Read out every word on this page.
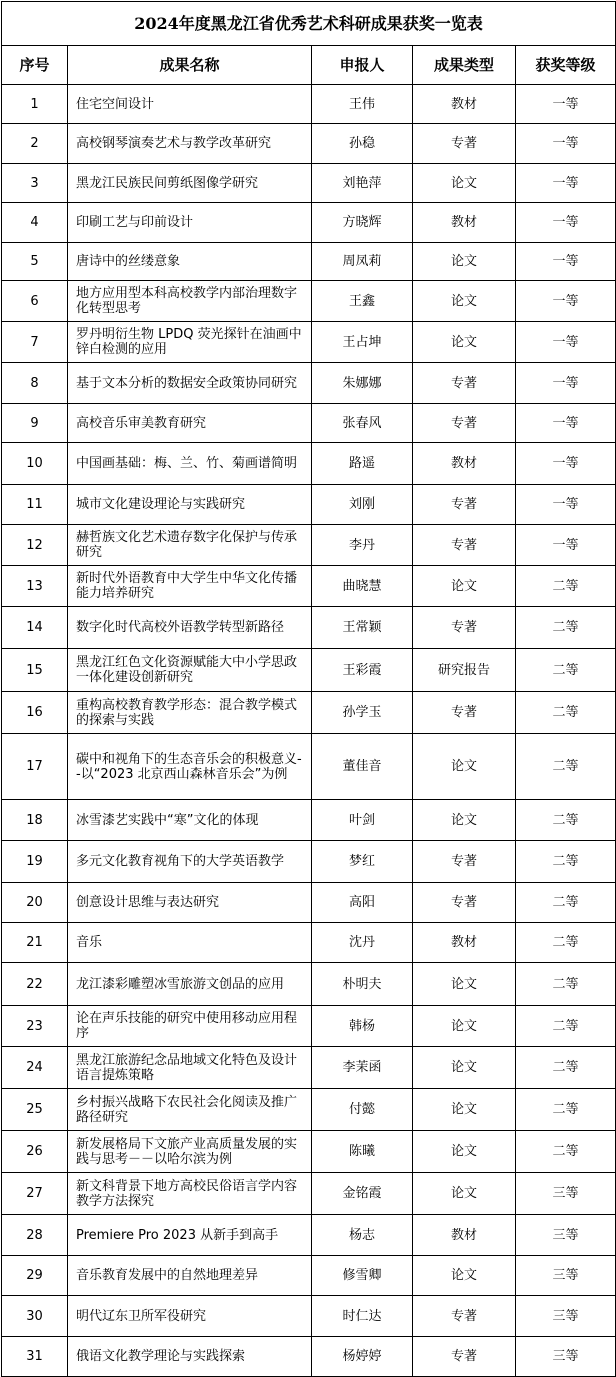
2024年度黑龙江省优秀艺术科研成果获奖一览表				
序号	成果名称	申报人	成果类型	获奖等级
1	住宅空间设计	王伟	教材	一等
2	高校钢琴演奏艺术与教学改革研究	孙稳	专著	一等
3	黑龙江民族民间剪纸图像学研究	刘艳萍	论文	一等
4	印刷工艺与印前设计	方晓辉	教材	一等
5	唐诗中的丝缕意象	周凤莉	论文	一等
6	地方应用型本科高校教学内部治理数字化转型思考	王鑫	论文	一等
7	罗丹明衍生物 LPDQ 荧光探针在油画中锌白检测的应用	王占坤	论文	一等
8	基于文本分析的数据安全政策协同研究	朱娜娜	专著	一等
9	高校音乐审美教育研究	张春风	专著	一等
10	中国画基础：梅、兰、竹、菊画谱简明	路遥	教材	一等
11	城市文化建设理论与实践研究	刘刚	专著	一等
12	赫哲族文化艺术遗存数字化保护与传承研究	李丹	专著	一等
13	新时代外语教育中大学生中华文化传播能力培养研究	曲晓慧	论文	二等
14	数字化时代高校外语教学转型新路径	王常颖	专著	二等
15	黑龙江红色文化资源赋能大中小学思政一体化建设创新研究	王彩霞	研究报告	二等
16	重构高校教育教学形态：混合教学模式的探索与实践	孙学玉	专著	二等
17	碳中和视角下的生态音乐会的积极意义--以“2023 北京西山森林音乐会”为例	董佳音	论文	二等
18	冰雪漆艺实践中“寒”文化的体现	叶剑	论文	二等
19	多元文化教育视角下的大学英语教学	梦红	专著	二等
20	创意设计思维与表达研究	高阳	专著	二等
21	音乐	沈丹	教材	二等
22	龙江漆彩雕塑冰雪旅游文创品的应用	朴明夫	论文	二等
23	论在声乐技能的研究中使用移动应用程序	韩杨	论文	二等
24	黑龙江旅游纪念品地域文化特色及设计语言提炼策略	李茉函	论文	二等
25	乡村振兴战略下农民社会化阅读及推广路径研究	付懿	论文	二等
26	新发展格局下文旅产业高质量发展的实践与思考－－以哈尔滨为例	陈曦	论文	二等
27	新文科背景下地方高校民俗语言学内容教学方法探究	金铭霞	论文	三等
28	Premiere Pro 2023 从新手到高手	杨志	教材	三等
29	音乐教育发展中的自然地理差异	修雪卿	论文	三等
30	明代辽东卫所军役研究	时仁达	专著	三等
31	俄语文化教学理论与实践探索	杨婷婷	专著	三等
